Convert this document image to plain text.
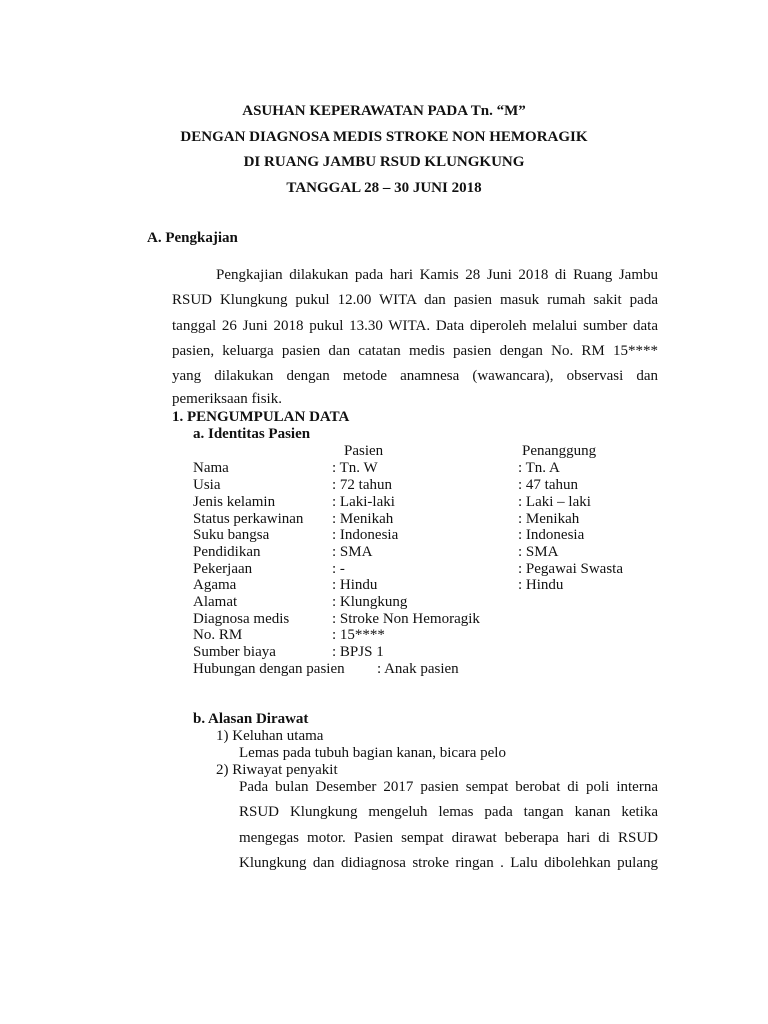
ASUHAN KEPERAWATAN PADA Tn. “M”
DENGAN DIAGNOSA MEDIS STROKE NON HEMORAGIK
DI RUANG JAMBU RSUD KLUNGKUNG
TANGGAL 28 – 30 JUNI 2018
A. Pengkajian
Pengkajian dilakukan pada hari Kamis 28 Juni 2018 di Ruang Jambu
RSUD Klungkung pukul 12.00 WITA dan pasien masuk rumah sakit pada
tanggal 26 Juni 2018 pukul 13.30 WITA. Data diperoleh melalui sumber data
pasien, keluarga pasien dan catatan medis pasien dengan No. RM 15****
yang dilakukan dengan metode anamnesa (wawancara), observasi dan
pemeriksaan fisik.
1. PENGUMPULAN DATA
a. Identitas Pasien
Pasien	Penanggung
Nama	: Tn. W	: Tn. A
Usia	: 72 tahun	: 47 tahun
Jenis kelamin	: Laki-laki	: Laki – laki
Status perkawinan : Menikah	: Menikah
Suku bangsa	: Indonesia	: Indonesia
Pendidikan	: SMA	: SMA
Pekerjaan	: -	: Pegawai Swasta
Agama	: Hindu	: Hindu
Alamat	: Klungkung
Diagnosa medis	: Stroke Non Hemoragik
No. RM	: 15****
Sumber biaya	: BPJS 1
Hubungan dengan pasien : Anak pasien
b. Alasan Dirawat
1) Keluhan utama
Lemas pada tubuh bagian kanan, bicara pelo
2) Riwayat penyakit
Pada bulan Desember 2017 pasien sempat berobat di poli interna
RSUD Klungkung mengeluh lemas pada tangan kanan ketika
mengegas motor. Pasien sempat dirawat beberapa hari di RSUD
Klungkung dan didiagnosa stroke ringan . Lalu dibolehkan pulang
